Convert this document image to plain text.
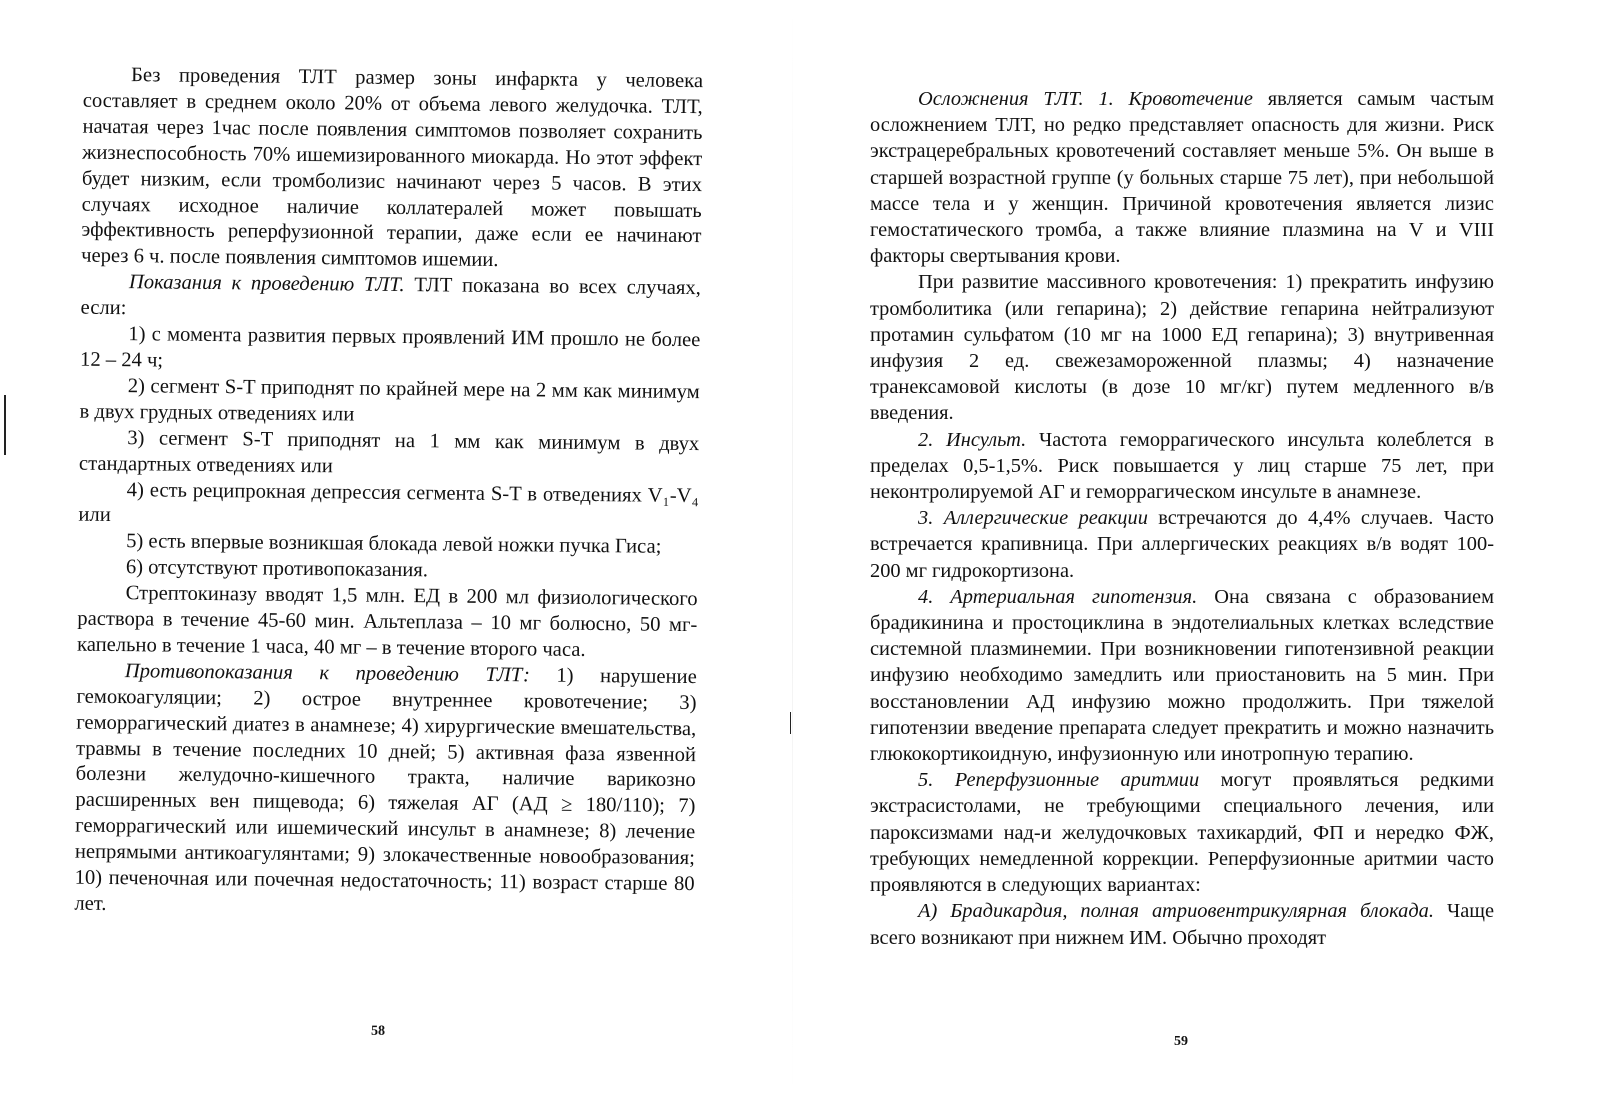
Без проведения ТЛТ размер зоны инфаркта у человека составляет в среднем около 20% от объема левого желудочка. ТЛТ, начатая через 1час после появления симптомов позволяет сохранить жизнеспособность 70% ишемизированного миокарда. Но этот эффект будет низким, если тромболизис начинают через 5 часов. В этих случаях исходное наличие коллатералей может повышать эффективность реперфузионной терапии, даже если ее начинают через 6 ч. после появления симптомов ишемии.

Показания к проведению ТЛТ. ТЛТ показана во всех случаях, если:

1) с момента развития первых проявлений ИМ прошло не более 12 – 24 ч;

2) сегмент S-T приподнят по крайней мере на 2 мм как минимум в двух грудных отведениях или

3) сегмент S-T приподнят на 1 мм как минимум в двух стандартных отведениях или

4) есть реципрокная депрессия сегмента S-T в отведениях V₁-V₄ или

5) есть впервые возникшая блокада левой ножки пучка Гиса;

6) отсутствуют противопоказания.

Стрептокиназу вводят 1,5 млн. ЕД в 200 мл физиологического раствора в течение 45-60 мин. Альтеплаза – 10 мг болюсно, 50 мг- капельно в течение 1 часа, 40 мг – в течение второго часа.

Противопоказания к проведению ТЛТ: 1) нарушение гемокоагуляции; 2) острое внутреннее кровотечение; 3) геморрагический диатез в анамнезе; 4) хирургические вмешательства, травмы в течение последних 10 дней; 5) активная фаза язвенной болезни желудочно-кишечного тракта, наличие варикозно расширенных вен пищевода; 6) тяжелая АГ (АД ≥ 180/110); 7) геморрагический или ишемический инсульт в анамнезе; 8) лечение непрямыми антикоагулянтами; 9) злокачественные новообразования; 10) печеночная или почечная недостаточность; 11) возраст старше 80 лет.

58

Осложнения ТЛТ. 1. Кровотечение является самым частым осложнением ТЛТ, но редко представляет опасность для жизни. Риск экстрацеребральных кровотечений составляет меньше 5%. Он выше в старшей возрастной группе (у больных старше 75 лет), при небольшой массе тела и у женщин. Причиной кровотечения является лизис гемостатического тромба, а также влияние плазмина на V и VIII факторы свертывания крови.

При развитие массивного кровотечения: 1) прекратить инфузию тромболитика (или гепарина); 2) действие гепарина нейтрализуют протамин сульфатом (10 мг на 1000 ЕД гепарина); 3) внутривенная инфузия 2 ед. свежезамороженной плазмы; 4) назначение транексамовой кислоты (в дозе 10 мг/кг) путем медленного в/в введения.

2. Инсульт. Частота геморрагического инсульта колеблется в пределах 0,5-1,5%. Риск повышается у лиц старше 75 лет, при неконтролируемой АГ и геморрагическом инсульте в анамнезе.

3. Аллергические реакции встречаются до 4,4% случаев. Часто встречается крапивница. При аллергических реакциях в/в водят 100-200 мг гидрокортизона.

4. Артериальная гипотензия. Она связана с образованием брадикинина и простоциклина в эндотелиальных клетках вследствие системной плазминемии. При возникновении гипотензивной реакции инфузию необходимо замедлить или приостановить на 5 мин. При восстановлении АД инфузию можно продолжить. При тяжелой гипотензии введение препарата следует прекратить и можно назначить глюкокортикоидную, инфузионную или инотропную терапию.

5. Реперфузионные аритмии могут проявляться редкими экстрасистолами, не требующими специального лечения, или пароксизмами над-и желудочковых тахикардий, ФП и нередко ФЖ, требующих немедленной коррекции. Реперфузионные аритмии часто проявляются в следующих вариантах:

А) Брадикардия, полная атриовентрикулярная блокада. Чаще всего возникают при нижнем ИМ. Обычно проходят

59
